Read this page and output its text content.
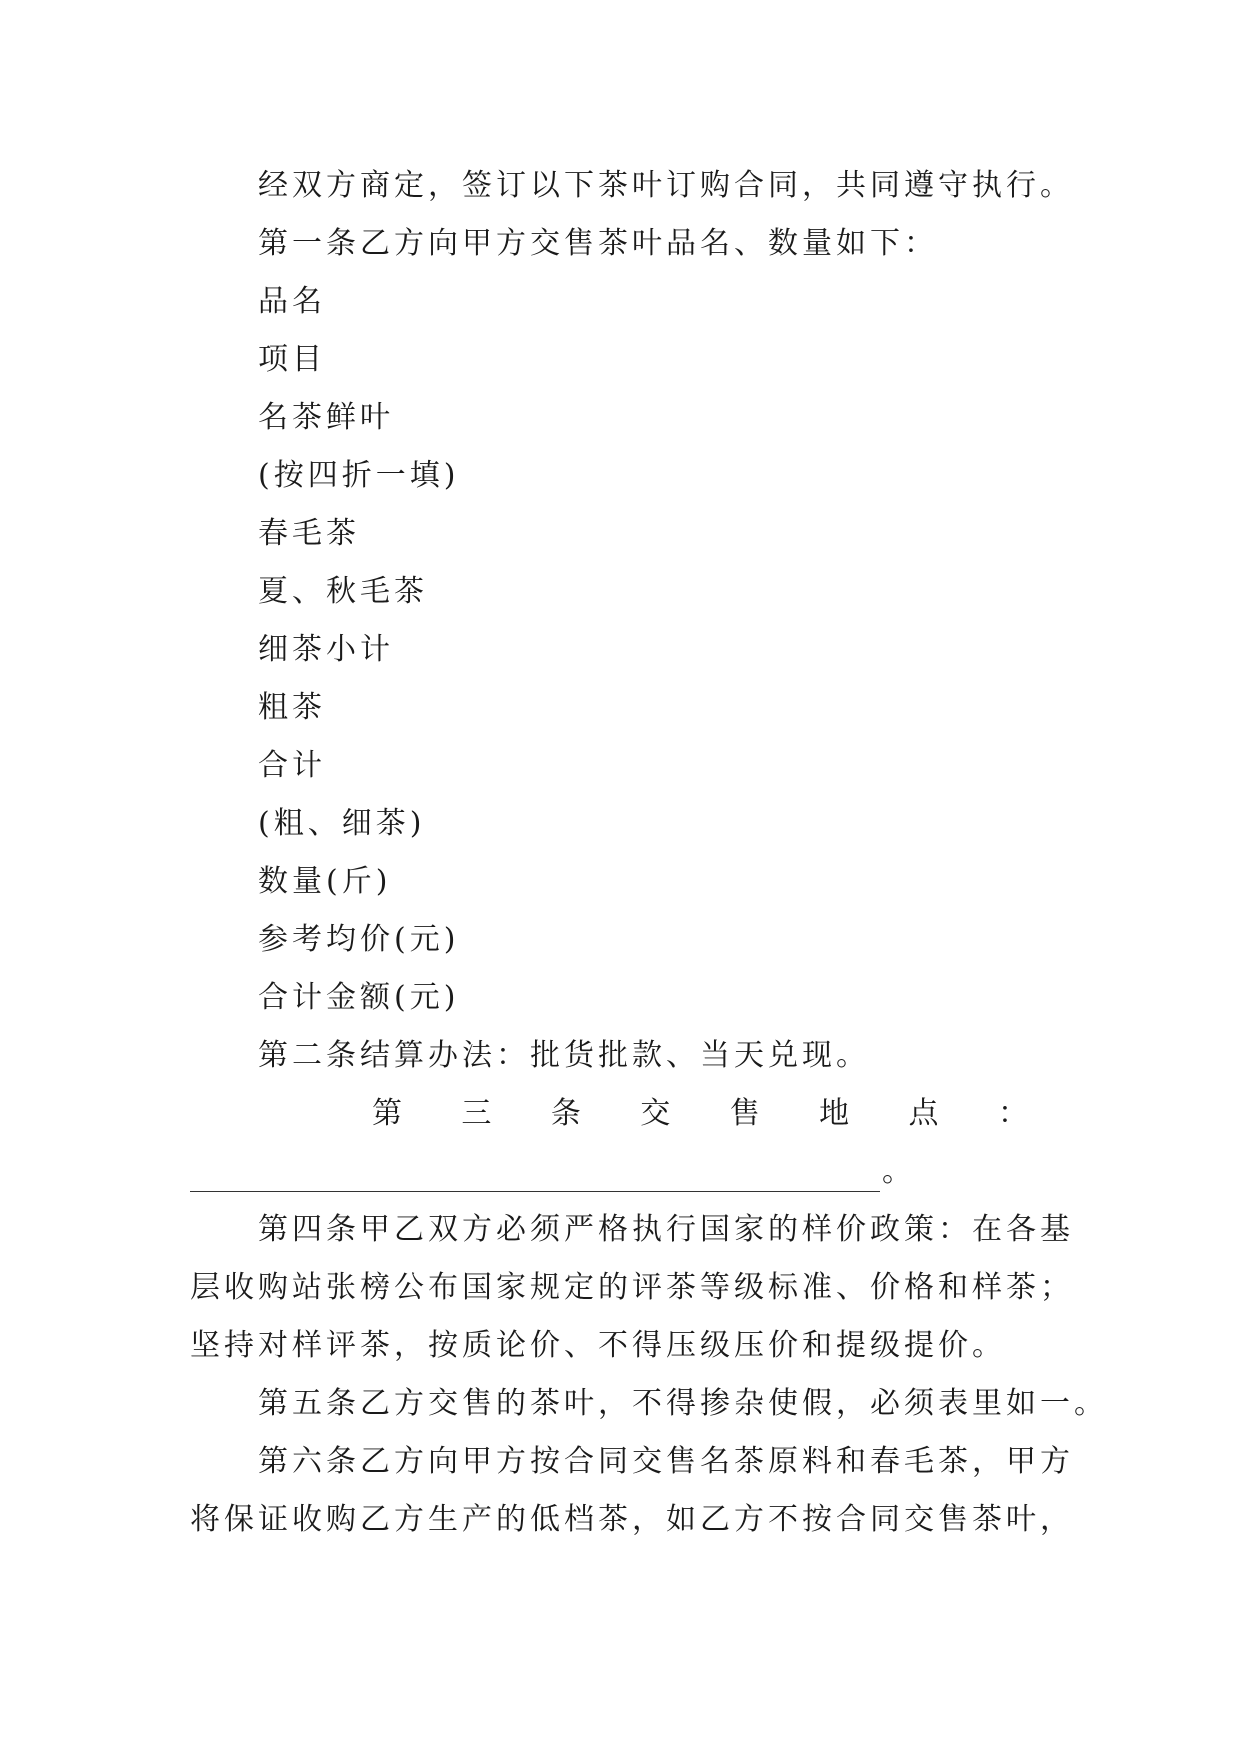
经双方商定，签订以下茶叶订购合同，共同遵守执行。

第一条乙方向甲方交售茶叶品名、数量如下：

品名

项目

名茶鲜叶

(按四折一填)

春毛茶

夏、秋毛茶

细茶小计

粗茶

合计

(粗、细茶)

数量(斤)

参考均价(元)

合计金额(元)

第二条结算办法：批货批款、当天兑现。

第 三 条 交 售 地 点 ：
。

第四条甲乙双方必须严格执行国家的样价政策：在各基

层收购站张榜公布国家规定的评茶等级标准、价格和样茶；

坚持对样评茶，按质论价、不得压级压价和提级提价。

第五条乙方交售的茶叶，不得掺杂使假，必须表里如一。

第六条乙方向甲方按合同交售名茶原料和春毛茶，甲方

将保证收购乙方生产的低档茶，如乙方不按合同交售茶叶，
